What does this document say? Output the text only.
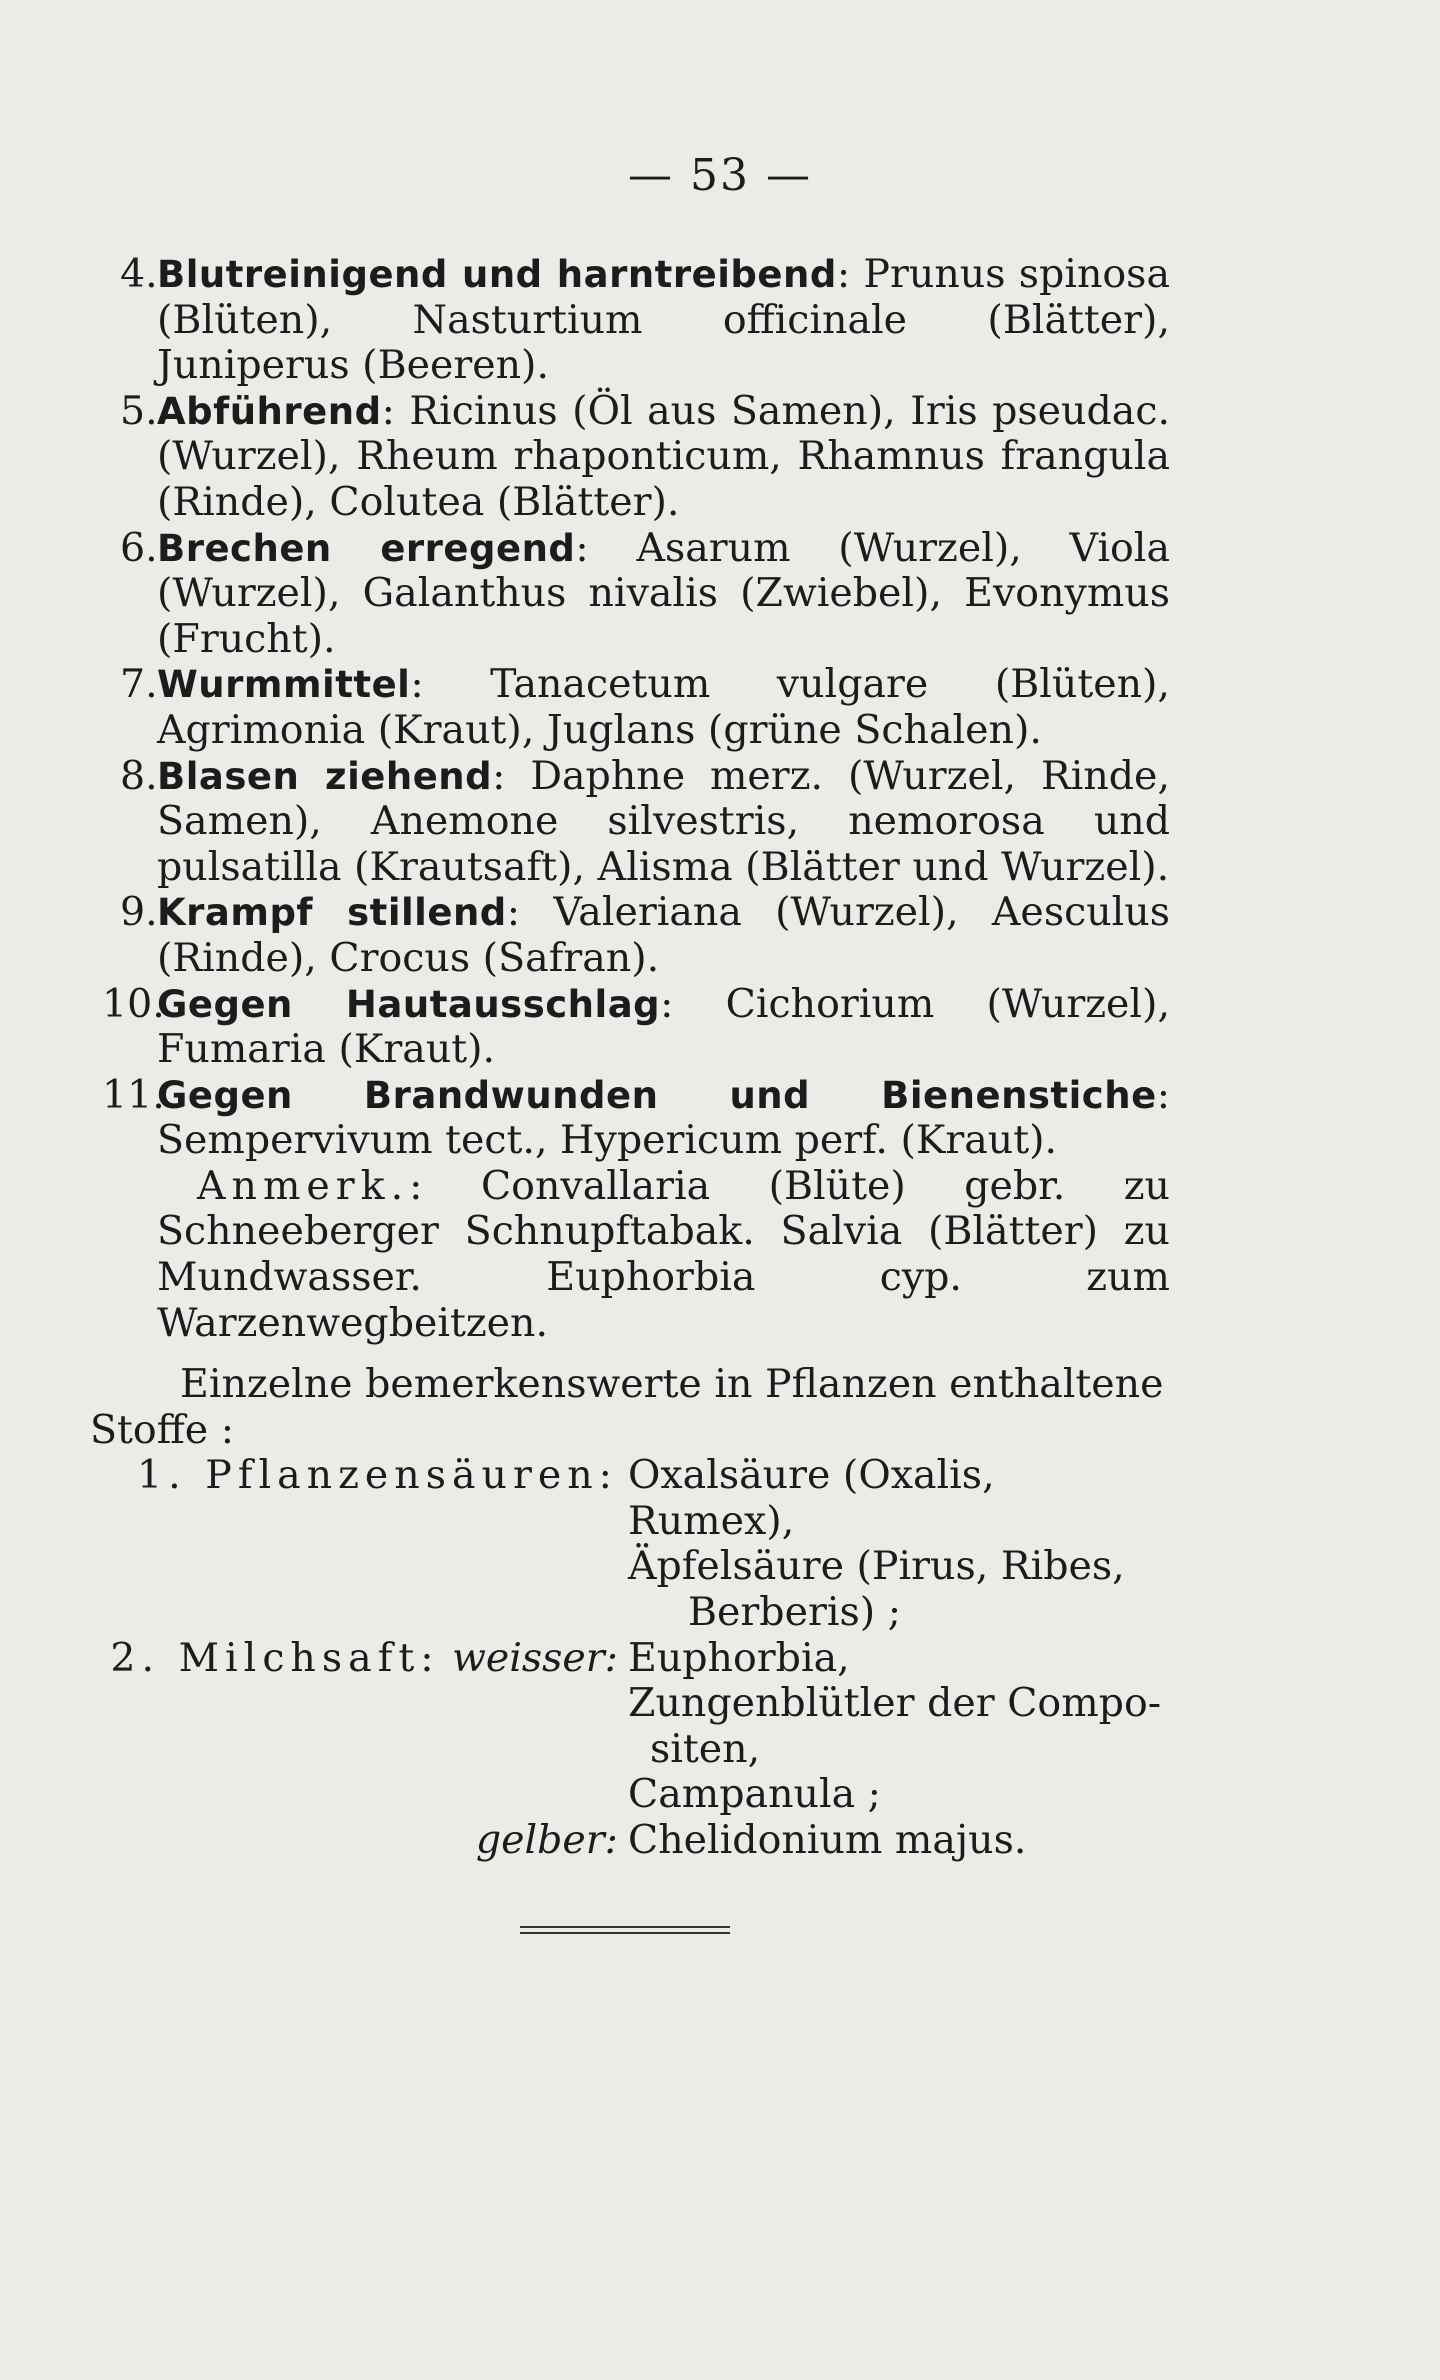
— 53 —
4.Blutreinigend und harntreibend: Prunus spinosa (Blüten), Nasturtium officinale (Blätter), Juniperus (Beeren).
5.Abführend: Ricinus (Öl aus Samen), Iris pseudac. (Wurzel), Rheum rhaponticum, Rhamnus frangula (Rinde), Colutea (Blätter).
6.Brechen erregend: Asarum (Wurzel), Viola (Wurzel), Galanthus nivalis (Zwiebel), Evonymus (Frucht).
7.Wurmmittel: Tanacetum vulgare (Blüten), Agrimonia (Kraut), Juglans (grüne Schalen).
8.Blasen ziehend: Daphne merz. (Wurzel, Rinde, Samen), Anemone silvestris, nemorosa und pulsatilla (Krautsaft), Alisma (Blätter und Wurzel).
9.Krampf stillend: Valeriana (Wurzel), Aesculus (Rinde), Crocus (Safran).
10.Gegen Hautausschlag: Cichorium (Wurzel), Fumaria (Kraut).
11.Gegen Brandwunden und Bienenstiche: Sempervivum tect., Hypericum perf. (Kraut).
Anmerk.: Convallaria (Blüte) gebr. zu Schneeberger Schnupftabak. Salvia (Blätter) zu Mundwasser. Euphorbia cyp. zum Warzenwegbeitzen.
Einzelne bemerkenswerte in Pflanzen enthaltene Stoffe :
1. Pflanzensäuren: Oxalsäure (Oxalis, Rumex),
Äpfelsäure (Pirus, Ribes,
Berberis) ;
2. Milchsaft: weisser: Euphorbia,
Zungenblütler der Compo-
siten,
Campanula ;
gelber: Chelidonium majus.
